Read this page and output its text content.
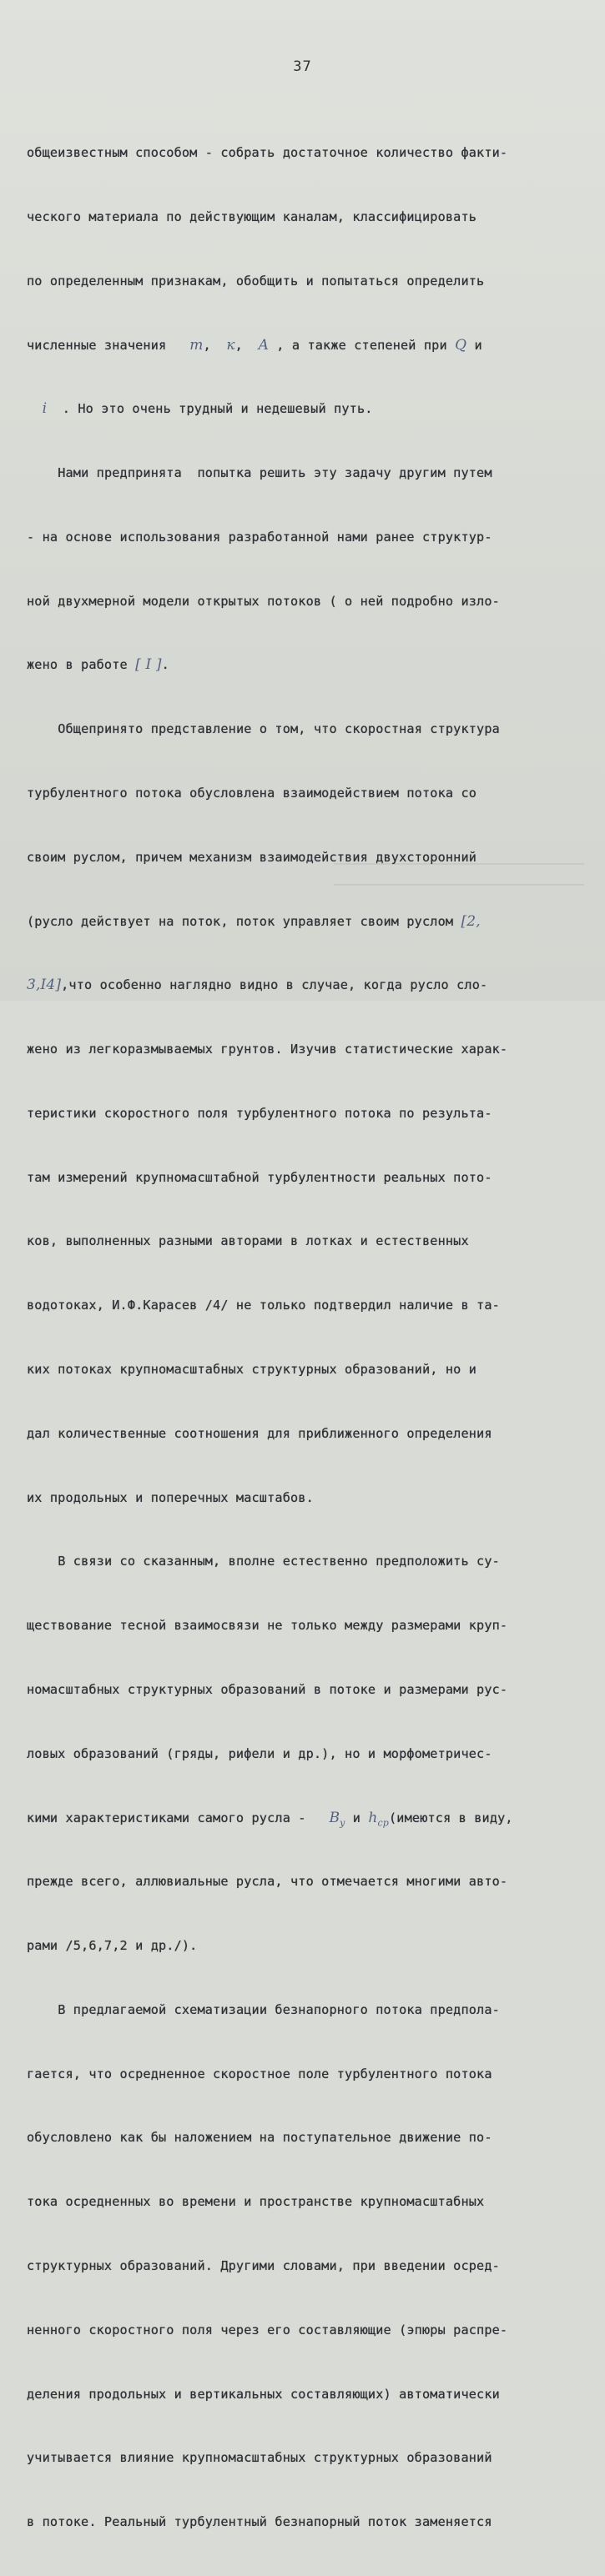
37

общеизвестным способом - собрать достаточное количество факти-

ческого материала по действующим каналам, классифицировать

по определенным признакам, обобщить и попытаться определить

численные значения m, к, A , а также степеней при Q и

i . Но это очень трудный и недешевый путь.

Нами предпринята  попытка решить эту задачу другим путем

- на основе использования разработанной нами ранее структур-

ной двухмерной модели открытых потоков ( о ней подробно изло-

жено в работе [ I ].

Общепринято представление о том, что скоростная структура

турбулентного потока обусловлена взаимодействием потока со

своим руслом, причем механизм взаимодействия двухсторонний

(русло действует на поток, поток управляет своим руслом [2,

3,I4],что особенно наглядно видно в случае, когда русло сло-

жено из легкоразмываемых грунтов. Изучив статистические харак-

теристики скоростного поля турбулентного потока по результа-

там измерений крупномасштабной турбулентности реальных пото-

ков, выполненных разными авторами в лотках и естественных

водотоках, И.Ф.Карасев /4/ не только подтвердил наличие в та-

ких потоках крупномасштабных структурных образований, но и

дал количественные соотношения для приближенного определения

их продольных и поперечных масштабов.

В связи со сказанным, вполне естественно предположить су-

ществование тесной взаимосвязи не только между размерами круп-

номасштабных структурных образований в потоке и размерами рус-

ловых образований (гряды, рифели и др.), но и морфометричес-

кими характеристиками самого русла - $B_y$ и $h_{ср}(имеются$ в виду,

прежде всего, аллювиальные русла, что отмечается многими авто-

рами /5,6,7,2 и др./).

В предлагаемой схематизации безнапорного потока предпола-

гается, что осредненное скоростное поле турбулентного потока

обусловлено как бы наложением на поступательное движение по-

тока осредненных во времени и пространстве крупномасштабных

структурных образований. Другими словами, при введении осред-

ненного скоростного поля через его составляющие (эпюры распре-

деления продольных и вертикальных составляющих) автоматически

учитывается влияние крупномасштабных структурных образований

в потоке. Реальный турбулентный безнапорный поток заменяется
